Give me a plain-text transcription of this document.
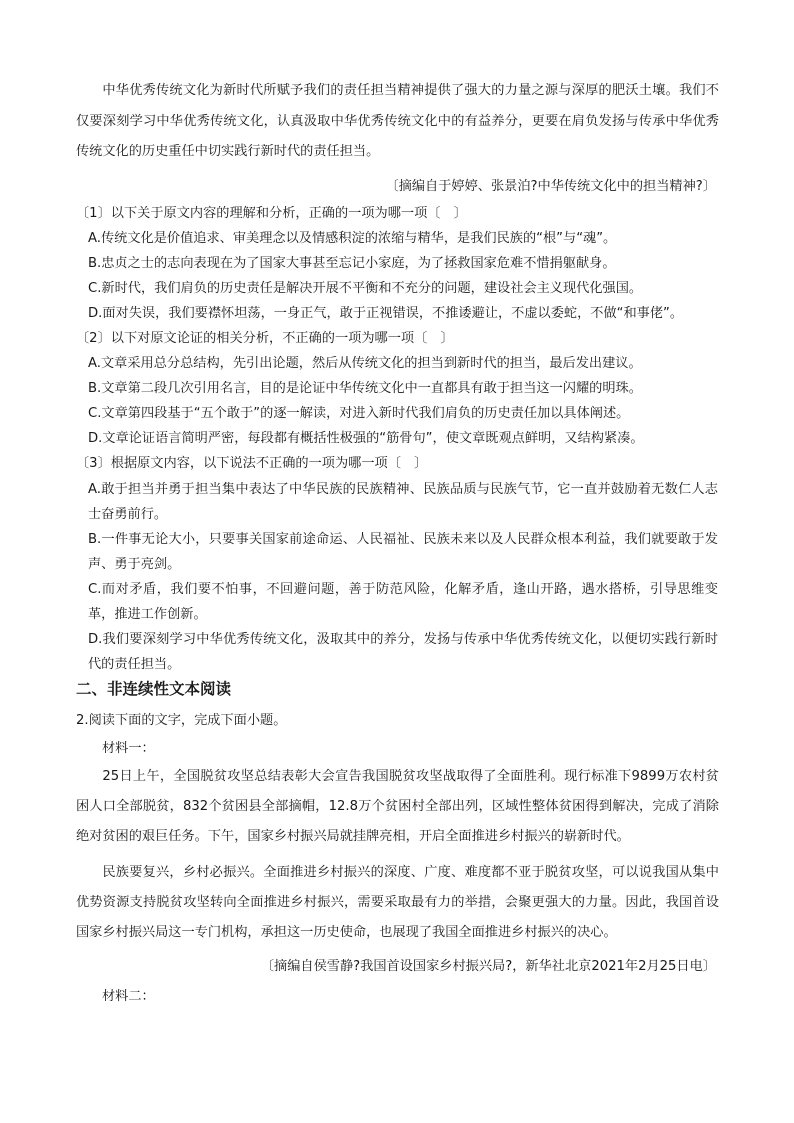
中华优秀传统文化为新时代所赋予我们的责任担当精神提供了强大的力量之源与深厚的肥沃土壤。我们不仅要深刻学习中华优秀传统文化，认真汲取中华优秀传统文化中的有益养分，更要在肩负发扬与传承中华优秀传统文化的历史重任中切实践行新时代的责任担当。
〔摘编自于婷婷、张景泊?中华传统文化中的担当精神?〕
〔1〕以下关于原文内容的理解和分析，正确的一项为哪一项〔　〕
A.传统文化是价值追求、审美理念以及情感积淀的浓缩与精华，是我们民族的“根”与“魂”。
B.忠贞之士的志向表现在为了国家大事甚至忘记小家庭，为了拯救国家危难不惜捐躯献身。
C.新时代，我们肩负的历史责任是解决开展不平衡和不充分的问题，建设社会主义现代化强国。
D.面对失误，我们要襟怀坦荡，一身正气，敢于正视错误，不推诿避让，不虚以委蛇，不做“和事佬”。
〔2〕以下对原文论证的相关分析，不正确的一项为哪一项〔　〕
A.文章采用总分总结构，先引出论题，然后从传统文化的担当到新时代的担当，最后发出建议。
B.文章第二段几次引用名言，目的是论证中华传统文化中一直都具有敢于担当这一闪耀的明珠。
C.文章第四段基于“五个敢于”的逐一解读，对进入新时代我们肩负的历史责任加以具体阐述。
D.文章论证语言简明严密，每段都有概括性极强的“筋骨句”，使文章既观点鲜明，又结构紧凑。
〔3〕根据原文内容，以下说法不正确的一项为哪一项〔　〕
A.敢于担当并勇于担当集中表达了中华民族的民族精神、民族品质与民族气节，它一直并鼓励着无数仁人志士奋勇前行。
B.一件事无论大小，只要事关国家前途命运、人民福祉、民族未来以及人民群众根本利益，我们就要敢于发声、勇于亮剑。
C.而对矛盾，我们要不怕事，不回避问题，善于防范风险，化解矛盾，逢山开路，遇水搭桥，引导思维变革，推进工作创新。
D.我们要深刻学习中华优秀传统文化，汲取其中的养分，发扬与传承中华优秀传统文化，以便切实践行新时代的责任担当。
二、非连续性文本阅读
2.阅读下面的文字，完成下面小题。
材料一：
25日上午，全国脱贫攻坚总结表彰大会宣告我国脱贫攻坚战取得了全面胜利。现行标准下9899万农村贫困人口全部脱贫，832个贫困县全部摘帽，12.8万个贫困村全部出列，区域性整体贫困得到解决，完成了消除绝对贫困的艰巨任务。下午，国家乡村振兴局就挂牌亮相，开启全面推进乡村振兴的崭新时代。
民族要复兴，乡村必振兴。全面推进乡村振兴的深度、广度、难度都不亚于脱贫攻坚，可以说我国从集中优势资源支持脱贫攻坚转向全面推进乡村振兴，需要采取最有力的举措，会聚更强大的力量。因此，我国首设国家乡村振兴局这一专门机构，承担这一历史使命，也展现了我国全面推进乡村振兴的决心。
〔摘编自侯雪静?我国首设国家乡村振兴局?，新华社北京2021年2月25日电〕
材料二：
